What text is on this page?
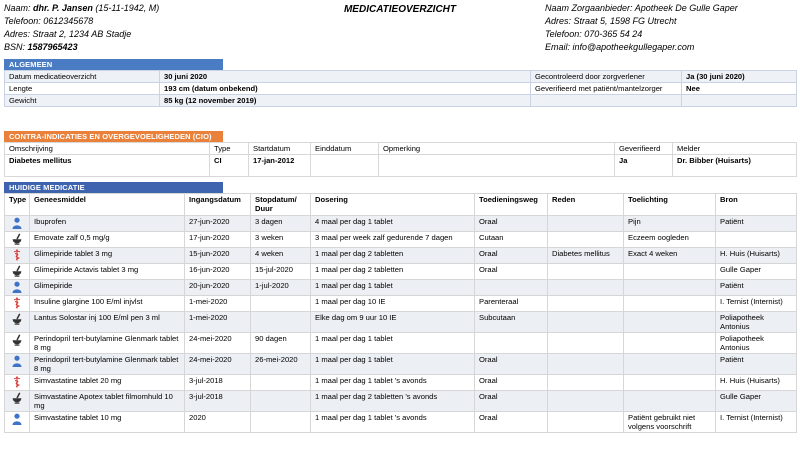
Naam: dhr. P. Jansen (15-11-1942, M)
Telefoon: 0612345678
Adres: Straat 2, 1234 AB Stadje
BSN: 1587965423
MEDICATIEOVERZICHT	Naam Zorgaanbieder: Apotheek De Gulle Gaper
Adres: Straat 5, 1598 FG Utrecht
Telefoon: 070-365 54 24
Email: info@apotheekgullegaper.com
ALGEMEEN
Datum medicatieoverzicht	30 juni 2020	Gecontroleerd door zorgverlener	Ja (30 juni 2020)
Lengte	193 cm (datum onbekend)	Geverifieerd met patiënt/mantelzorger	Nee
Gewicht	85 kg (12 november 2019)		
CONTRA-INDICATIES EN OVERGEVOELIGHEDEN (CIO)
Omschrijving	Type	Startdatum	Einddatum	Opmerking	Geverifieerd	Melder
Diabetes mellitus	CI	17-jan-2012			Ja	Dr. Bibber (Huisarts)
HUIDIGE MEDICATIE
Type	Geneesmiddel	Ingangsdatum	Stopdatum/ Duur	Dosering	Toedieningsweg	Reden	Toelichting	Bron

	Ibuprofen	27-jun-2020	3 dagen	4 maal per dag 1 tablet	Oraal		Pijn	Patiënt

	Emovate zalf 0,5 mg/g	17-jun-2020	3 weken	3 maal per week zalf gedurende 7 dagen	Cutaan		Eczeem oogleden	

	Glimepiride tablet 3 mg	15-jun-2020	4 weken	1 maal per dag 2 tabletten	Oraal	Diabetes mellitus	Exact 4 weken	H. Huis (Huisarts)

	Glimepiride Actavis tablet 3 mg	16-jun-2020	15-jul-2020	1 maal per dag 2 tabletten	Oraal			Gulle Gaper

	Glimepiride	20-jun-2020	1-jul-2020	1 maal per dag 1 tablet				Patiënt

	Insuline glargine 100 E/ml injvlst	1-mei-2020		1 maal per dag 10 IE	Parenteraal			I. Ternist (Internist)

	Lantus Solostar inj 100 E/ml pen 3 ml	1-mei-2020		Elke dag om 9 uur 10 IE	Subcutaan			Poliapotheek Antonius

	Perindopril tert-butylamine Glenmark tablet 8 mg	24-mei-2020	90 dagen	1 maal per dag 1 tablet				Poliapotheek Antonius

	Perindopril tert-butylamine Glenmark tablet 8 mg	24-mei-2020	26-mei-2020	1 maal per dag 1 tablet	Oraal			Patiënt

	Simvastatine tablet 20 mg	3-jul-2018		1 maal per dag 1 tablet 's avonds	Oraal			H. Huis (Huisarts)

	Simvastatine Apotex tablet filmomhuld 10 mg	3-jul-2018		1 maal per dag 2 tabletten 's avonds	Oraal			Gulle Gaper

	Simvastatine tablet 10 mg	2020		1 maal per dag 1 tablet 's avonds	Oraal		Patiënt gebruikt niet volgens voorschrift	I. Ternist (Internist)
